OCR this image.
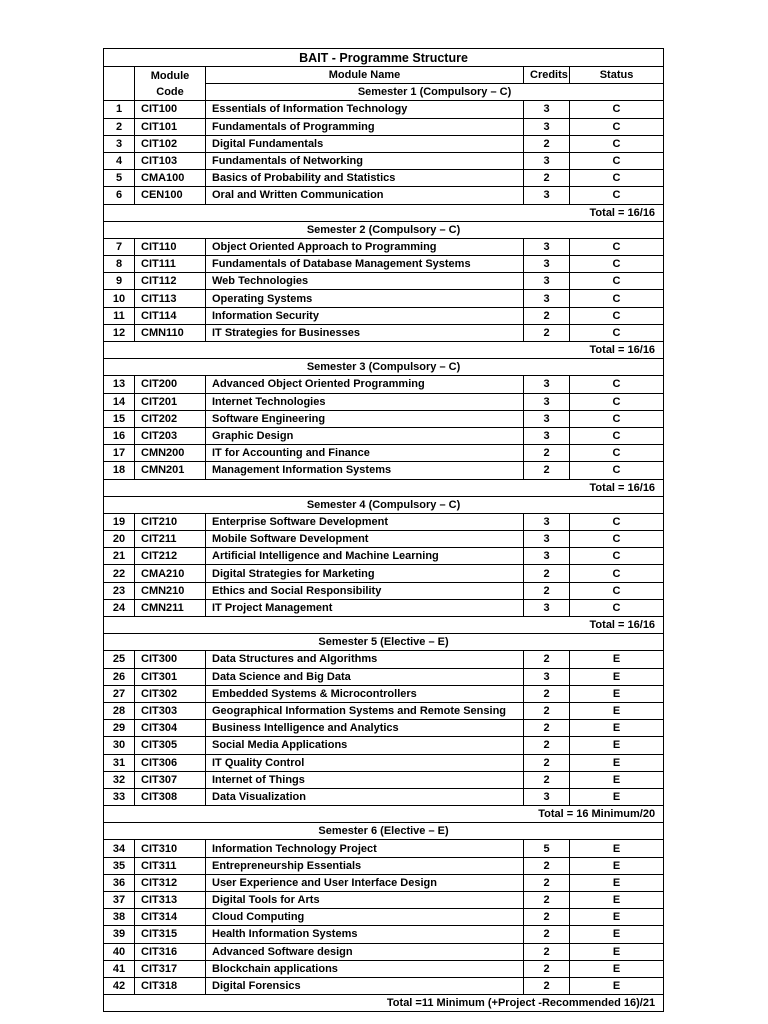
BAIT - Programme Structure				
	Module Code	Module Name	Credits	Status
		Semester 1 (Compulsory – C)		
1	CIT100	Essentials of Information Technology	3	C
2	CIT101	Fundamentals of Programming	3	C
3	CIT102	Digital Fundamentals	2	C
4	CIT103	Fundamentals of Networking	3	C
5	CMA100	Basics of Probability and Statistics	2	C
6	CEN100	Oral and Written Communication	3	C
Total = 16/16				
Semester 2 (Compulsory – C)				
7	CIT110	Object Oriented Approach to Programming	3	C
8	CIT111	Fundamentals of Database Management Systems	3	C
9	CIT112	Web Technologies	3	C
10	CIT113	Operating Systems	3	C
11	CIT114	Information Security	2	C
12	CMN110	IT Strategies for Businesses	2	C
Total = 16/16				
Semester 3 (Compulsory – C)				
13	CIT200	Advanced Object Oriented Programming	3	C
14	CIT201	Internet Technologies	3	C
15	CIT202	Software Engineering	3	C
16	CIT203	Graphic Design	3	C
17	CMN200	IT for Accounting and Finance	2	C
18	CMN201	Management Information Systems	2	C
Total = 16/16				
Semester 4 (Compulsory – C)				
19	CIT210	Enterprise Software Development	3	C
20	CIT211	Mobile Software Development	3	C
21	CIT212	Artificial Intelligence and Machine Learning	3	C
22	CMA210	Digital Strategies for Marketing	2	C
23	CMN210	Ethics and Social Responsibility	2	C
24	CMN211	IT Project Management	3	C
Total = 16/16				
Semester 5 (Elective – E)				
25	CIT300	Data Structures and Algorithms	2	E
26	CIT301	Data Science and Big Data	3	E
27	CIT302	Embedded Systems & Microcontrollers	2	E
28	CIT303	Geographical Information Systems and Remote Sensing	2	E
29	CIT304	Business Intelligence and Analytics	2	E
30	CIT305	Social Media Applications	2	E
31	CIT306	IT Quality Control	2	E
32	CIT307	Internet of Things	2	E
33	CIT308	Data Visualization	3	E
Total = 16 Minimum/20				
Semester 6 (Elective – E)				
34	CIT310	Information Technology Project	5	E
35	CIT311	Entrepreneurship Essentials	2	E
36	CIT312	User Experience and User Interface Design	2	E
37	CIT313	Digital Tools for Arts	2	E
38	CIT314	Cloud Computing	2	E
39	CIT315	Health Information Systems	2	E
40	CIT316	Advanced Software design	2	E
41	CIT317	Blockchain applications	2	E
42	CIT318	Digital Forensics	2	E
Total =11 Minimum (+Project -Recommended 16)/21				
